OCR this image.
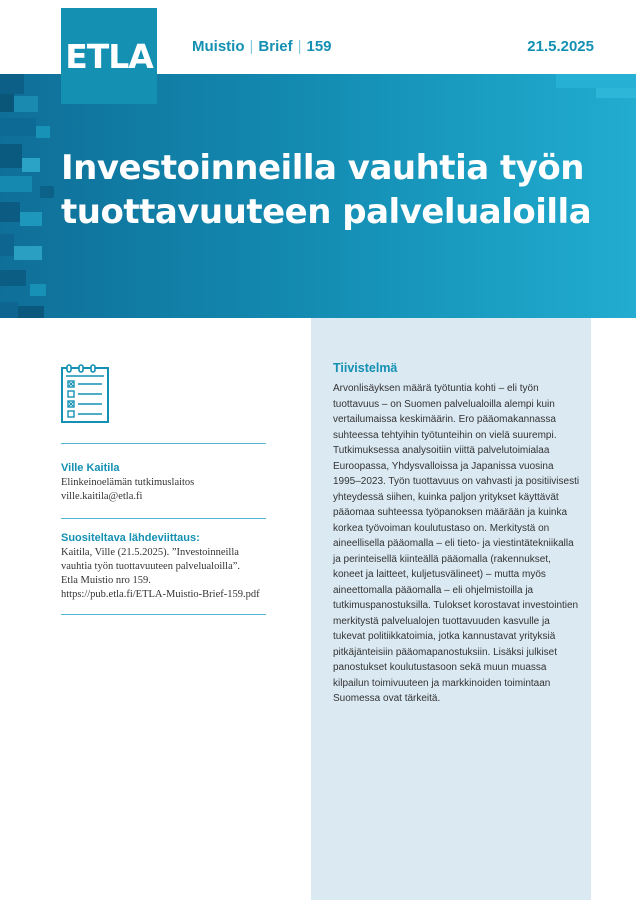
ETLA	Muistio | Brief | 159	21.5.2025
Investoinneilla vauhtia työn
tuottavuuteen palvelualoilla
Ville Kaitila
Elinkeinoelämän tutkimuslaitos
ville.kaitila@etla.fi
Suositeltava lähdeviittaus:
Kaitila, Ville (21.5.2025). ”Investoinneilla
vauhtia työn tuottavuuteen palvelualoilla”.
Etla Muistio nro 159.
https://pub.etla.fi/ETLA-Muistio-Brief-159.pdf
Tiivistelmä

Arvonlisäyksen määrä työtuntia kohti – eli työn tuottavuus – on Suomen palvelualoilla alempi kuin vertailumaissa keskimäärin. Ero pääomakannassa suhteessa tehtyihin työtunteihin on vielä suurempi. Tutkimuksessa analysoitiin viittä palvelutoimialaa Euroopassa, Yhdysvalloissa ja Japanissa vuosina 1995–2023. Työn tuottavuus on vahvasti ja positiivisesti yhteydessä siihen, kuinka paljon yritykset käyttävät pääomaa suhteessa työpanoksen määrään ja kuinka korkea työvoiman koulutustaso on. Merkitystä on aineellisella pääomalla – eli tieto- ja viestintätekniikalla ja perinteisellä kiinteällä pääomalla (rakennukset, koneet ja laitteet, kuljetusvälineet) – mutta myös aineettomalla pääomalla – eli ohjelmistoilla ja tutkimuspanostuksilla. Tulokset korostavat investointien merkitystä palvelualojen tuottavuuden kasvulle ja tukevat politiikkatoimia, jotka kannustavat yrityksiä pitkäjänteisiin pääomapanostuksiin. Lisäksi julkiset panostukset koulutustasoon sekä muun muassa kilpailun toimivuuteen ja markkinoiden toimintaan Suomessa ovat tärkeitä.
